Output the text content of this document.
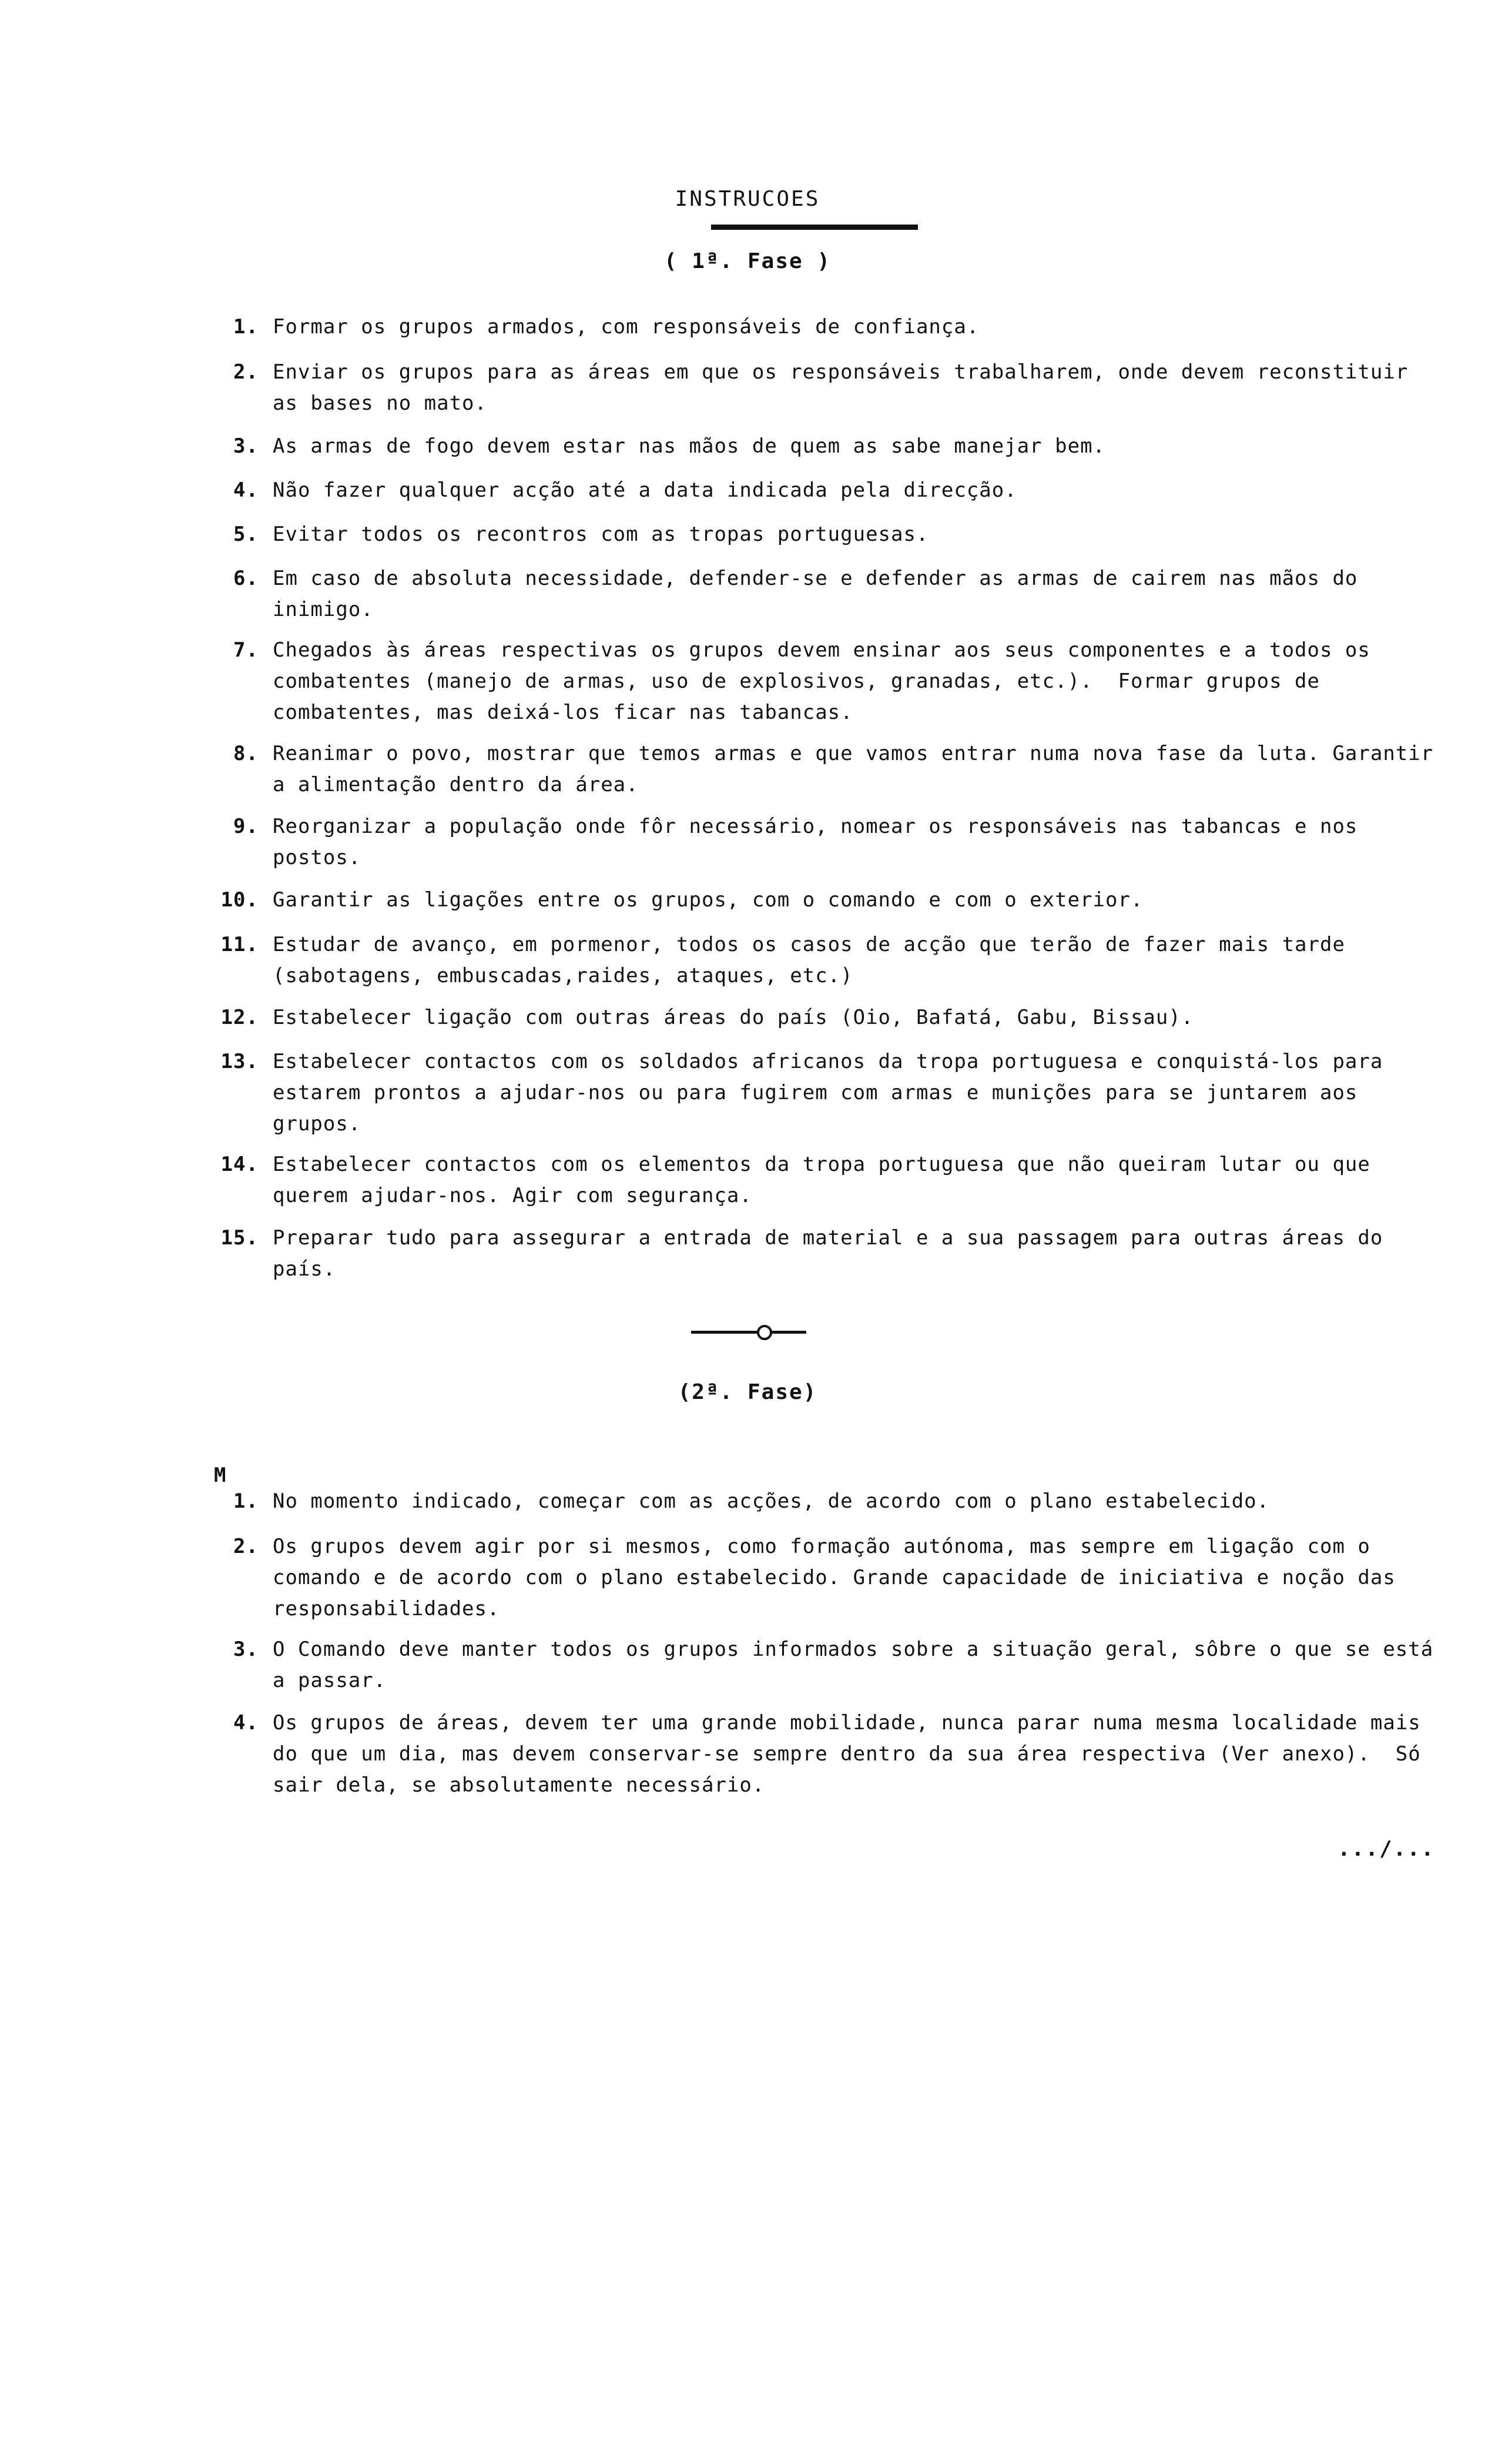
INSTRUCOES
( 1ª. Fase )
1. Formar os grupos armados, com responsáveis de confiança.
2. Enviar os grupos para as áreas em que os responsáveis trabalharem, onde devem reconstituir as bases no mato.
3. As armas de fogo devem estar nas mãos de quem as sabe manejar bem.
4. Não fazer qualquer acção até a data indicada pela direcção.
5. Evitar todos os recontros com as tropas portuguesas.
6. Em caso de absoluta necessidade, defender-se e defender as armas de cairem nas mãos do inimigo.
7. Chegados às áreas respectivas os grupos devem ensinar aos seus componentes e a todos os combatentes (manejo de armas, uso de explosivos, granadas, etc.).  Formar grupos de combatentes, mas deixá-los ficar nas tabancas.
8. Reanimar o povo, mostrar que temos armas e que vamos entrar numa nova fase da luta. Garantir a alimentação dentro da área.
9. Reorganizar a população onde fôr necessário, nomear os responsáveis nas tabancas e nos postos.
10. Garantir as ligações entre os grupos, com o comando e com o exterior.
11. Estudar de avanço, em pormenor, todos os casos de acção que terão de fazer mais tarde (sabotagens, embuscadas,raides, ataques, etc.)
12. Estabelecer ligação com outras áreas do país (Oio, Bafatá, Gabu, Bissau).
13. Estabelecer contactos com os soldados africanos da tropa portuguesa e conquistá-los para estarem prontos a ajudar-nos ou para fugirem com armas e munições para se juntarem aos grupos.
14. Estabelecer contactos com os elementos da tropa portuguesa que não queiram lutar ou que querem ajudar-nos. Agir com segurança.
15. Preparar tudo para assegurar a entrada de material e a sua passagem para outras áreas do país.
(2ª. Fase)
M
1. No momento indicado, começar com as acções, de acordo com o plano estabelecido.
2. Os grupos devem agir por si mesmos, como formação autónoma, mas sempre em ligação com o comando e de acordo com o plano estabelecido. Grande capacidade de iniciativa e noção das responsabilidades.
3. O Comando deve manter todos os grupos informados sobre a situação geral, sôbre o que se está a passar.
4. Os grupos de áreas, devem ter uma grande mobilidade, nunca parar numa mesma localidade mais do que um dia, mas devem conservar-se sempre dentro da sua área respectiva (Ver anexo).  Só sair dela, se absolutamente necessário.
.../...
